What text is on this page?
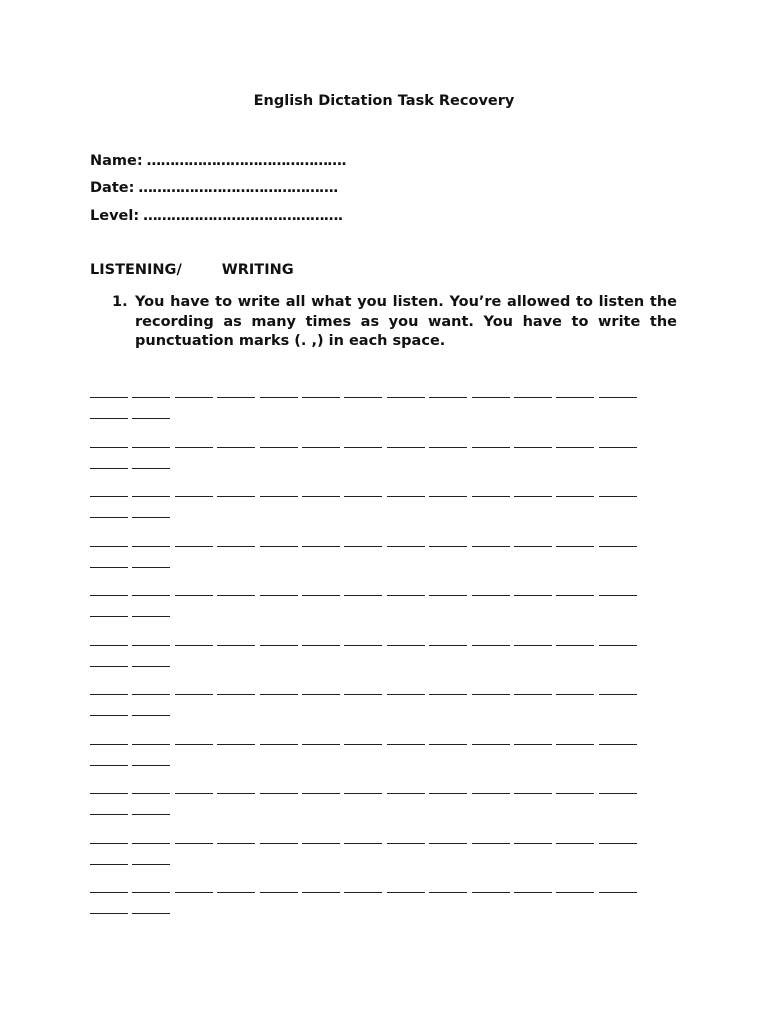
English Dictation Task Recovery
Name: …………………………………….
Date: …………………………………….
Level: …………………………………….
LISTENING/	WRITING
1. You have to write all what you listen. You’re allowed to listen the recording as many times as you want. You have to write the punctuation marks (. ,) in each space.
